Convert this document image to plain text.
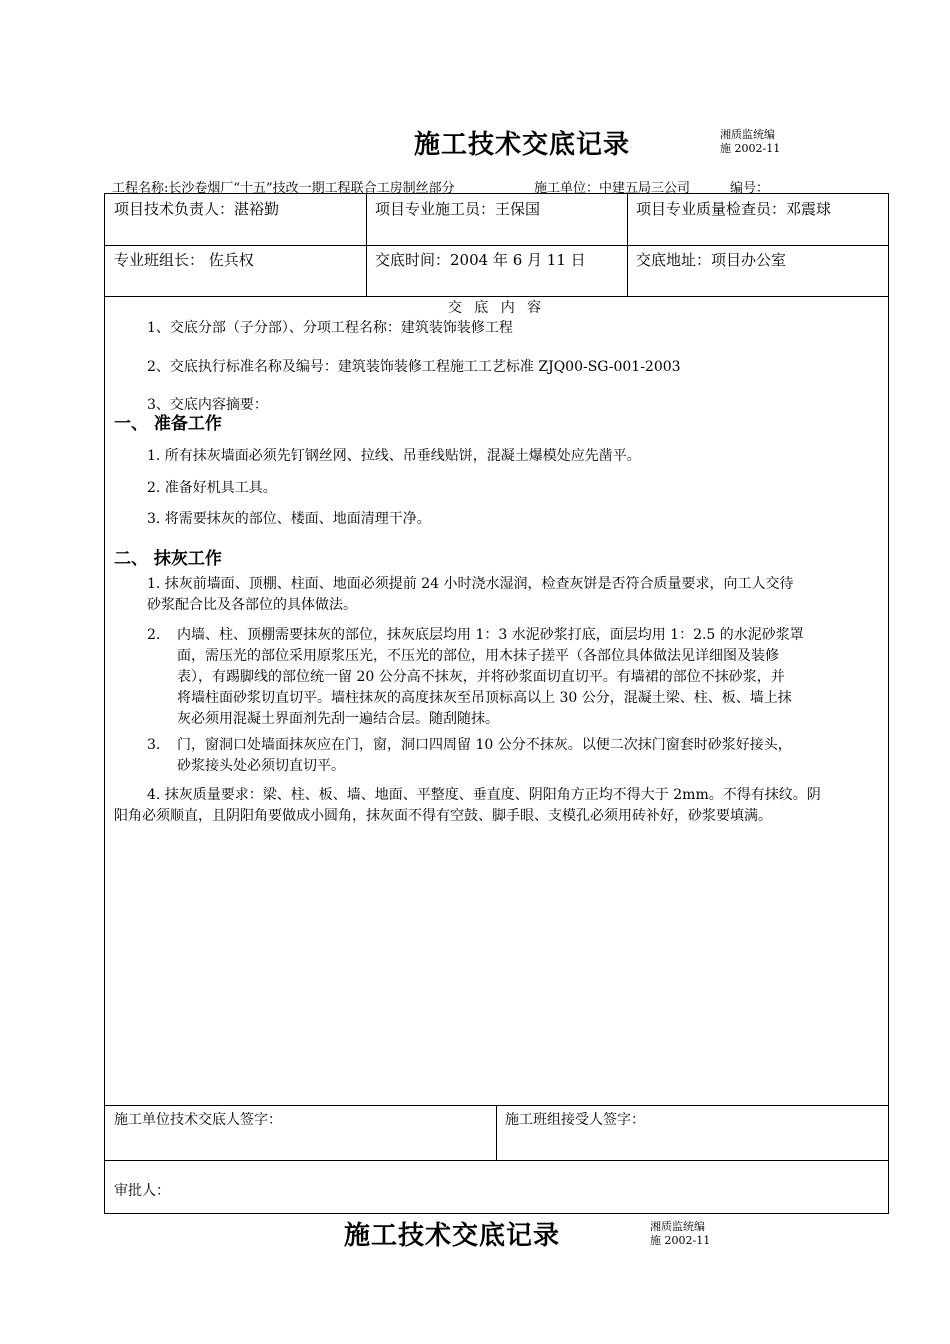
施工技术交底记录	湘质监统编
施 2002-11
工程名称:长沙卷烟厂“十五”技改一期工程联合工房制丝部分	施工单位：中建五局三公司	编号：
项目技术负责人：湛裕勤	项目专业施工员：王保国	项目专业质量检查员：邓震球
专业班组长： 佐兵权	交底时间：2004 年 6 月 11 日	交底地址：项目办公室
交 底 内 容
1、交底分部（子分部）、分项工程名称：建筑装饰装修工程
2、交底执行标准名称及编号：建筑装饰装修工程施工工艺标准 ZJQ00-SG-001-2003
3、交底内容摘要：
一、 准备工作
1. 所有抹灰墙面必须先钉钢丝网、拉线、吊垂线贴饼，混凝土爆模处应先凿平。
2. 准备好机具工具。
3. 将需要抹灰的部位、楼面、地面清理干净。
二、 抹灰工作
1. 抹灰前墙面、顶棚、柱面、地面必须提前 24 小时浇水湿润，检查灰饼是否符合质量要求，向工人交待
砂浆配合比及各部位的具体做法。
2. 内墙、柱、顶棚需要抹灰的部位，抹灰底层均用 1：3 水泥砂浆打底，面层均用 1：2.5 的水泥砂浆罩
面，需压光的部位采用原浆压光，不压光的部位，用木抹子搓平（各部位具体做法见详细图及装修
表），有踢脚线的部位统一留 20 公分高不抹灰，并将砂浆面切直切平。有墙裙的部位不抹砂浆，并
将墙柱面砂浆切直切平。墙柱抹灰的高度抹灰至吊顶标高以上 30 公分，混凝土梁、柱、板、墙上抹
灰必须用混凝土界面剂先刮一遍结合层。随刮随抹。
3. 门，窗洞口处墙面抹灰应在门，窗，洞口四周留 10 公分不抹灰。以便二次抹门窗套时砂浆好接头，
砂浆接头处必须切直切平。
4. 抹灰质量要求：梁、柱、板、墙、地面、平整度、垂直度、阴阳角方正均不得大于 2mm。不得有抹纹。阴
阳角必须顺直，且阴阳角要做成小圆角，抹灰面不得有空鼓、脚手眼、支模孔必须用砖补好，砂浆要填满。
施工单位技术交底人签字：	施工班组接受人签字：
审批人：
施工技术交底记录	湘质监统编
施 2002-11
